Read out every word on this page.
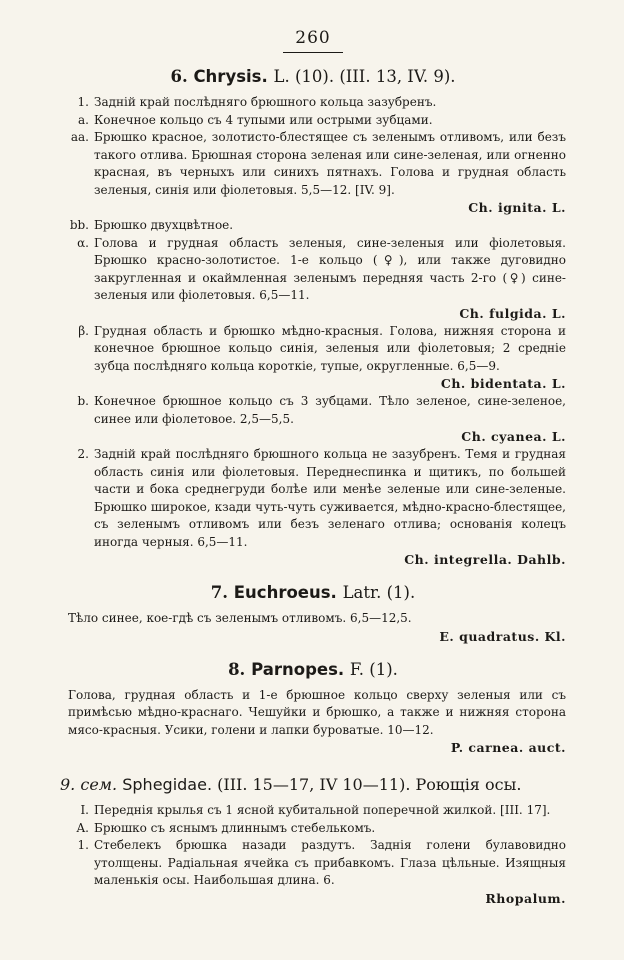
260
6. Chrysis. L. (10). (III. 13, IV. 9).
1. Задній край послѣдняго брюшного кольца зазубренъ.
a. Конечное кольцо съ 4 тупыми или острыми зубцами.
aa. Брюшко красное, золотисто-блестящее съ зеленымъ отливомъ, или безъ такого отлива. Брюшная сторона зеленая или сине-зеленая, или огненно красная, въ черныхъ или синихъ пятнахъ. Голова и грудная область зеленыя, синія или фіолетовыя. 5,5—12. [IV. 9].
Ch. ignita. L.
bb. Брюшко двухцвѣтное.
α. Голова и грудная область зеленыя, сине-зеленыя или фіолетовыя. Брюшко красно-золотистое. 1-е кольцо (♀), или также дуговидно закругленная и окаймленная зеленымъ передняя часть 2-го (♀) сине-зеленыя или фіолетовыя. 6,5—11.
Ch. fulgida. L.
β. Грудная область и брюшко мѣдно-красныя. Голова, нижняя сторона и конечное брюшное кольцо синія, зеленыя или фіолетовыя; 2 средніе зубца послѣдняго кольца короткіе, тупые, округленные. 6,5—9.
Ch. bidentata. L.
b. Конечное брюшное кольцо съ 3 зубцами. Тѣло зеленое, сине-зеленое, синее или фіолетовое. 2,5—5,5.
Ch. cyanea. L.
2. Задній край послѣдняго брюшного кольца не зазубренъ. Темя и грудная область синія или фіолетовыя. Переднеспинка и щитикъ, по большей части и бока среднегруди болѣе или менѣе зеленые или сине-зеленые. Брюшко широкое, кзади чуть-чуть суживается, мѣдно-красно-блестящее, съ зеленымъ отливомъ или безъ зеленаго отлива; основанія колецъ иногда черныя. 6,5—11.
Ch. integrella. Dahlb.
7. Euchroeus. Latr. (1).
Тѣло синее, кое-гдѣ съ зеленымъ отливомъ. 6,5—12,5.
E. quadratus. Kl.
8. Parnopes. F. (1).
Голова, грудная область и 1-е брюшное кольцо сверху зеленыя или съ примѣсью мѣдно-краснаго. Чешуйки и брюшко, а также и нижняя сторона мясо-красныя. Усики, голени и лапки буроватые. 10—12.
P. carnea. auct.
9. сем. Sphegidae. (III. 15—17, IV 10—11). Роющія осы.
I. Переднія крылья съ 1 ясной кубитальной поперечной жилкой. [III. 17].
A. Брюшко съ яснымъ длиннымъ стебелькомъ.
1. Стебелекъ брюшка назади раздутъ. Заднія голени булавовидно утолщены. Радіальная ячейка съ прибавкомъ. Глаза цѣльные. Изящныя маленькія осы. Наибольшая длина. 6.
Rhopalum.
